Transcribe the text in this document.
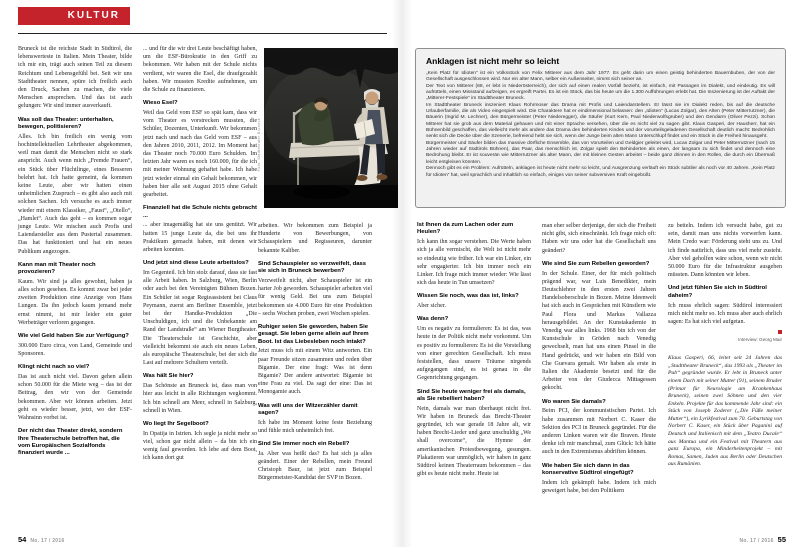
KULTUR
Bruneck ist die reichste Stadt in Südtirol, die lebenswerteste in Italien. Mein Theater, bilde ich mir ein, trägt auch seinen Teil zu diesem Reichtum und Lebensgefühl bei. Seit wir uns Stadttheater nennen, spüre ich freilich auch den Druck, Sachen zu machen, die viele Menschen ansprechen. Und das ist auch gelungen: Wir sind immer ausverkauft.
Was soll das Theater: unterhalten, bewegen, politisieren?
Alles. Ich bin freilich ein wenig vom hochintellektuellen Lehrtheater abgekommen, weil man damit die Menschen nicht so stark anspricht. Auch wenn mich „Fremde Frauen“, ein Stück über Flüchtlinge, eines Besseren belehrt hat. Ich hatte gemeint, da kommen keine Leute, aber wir hatten einen unheimlichen Zuspruch – es gibt also auch mit solchen Sachen. Ich versuche es auch immer wieder mit einem Klassiker, „Faust“, „Otello“, „Hamlet“. Auch das geht – es kommen sogar junge Leute. Wir mischen auch Profis und Laiendarsteller aus dem Pustertal zusammen. Das hat funktioniert und hat ein neues Publikum angezogen.
Kann man mit Theater noch provozieren?
Kaum. Wir sind ja alles gewohnt, haben ja alles schon gesehen. Es kommt zwar bei jeder zweiten Produktion eine Anzeige von Hans Lungen. Da ihn jedoch kaum jemand mehr ernst nimmt, ist mir leider ein guter Werbeträger verloren gegangen.
Wie viel Geld haben Sie zur Verfügung?
300.000 Euro circa, von Land, Gemeinde und Sponsoren.
Klingt nicht nach so viel?
Das ist auch nicht viel. Davon gehen allein schon 50.000 für die Miete weg – das ist der Beitrag, den wir von der Gemeinde bekommen. Aber wir können arbeiten. Jetzt geht es wieder besser, jetzt, wo der ESF-Wahnsinn vorbei ist.
Der nicht das Theater direkt, sondern Ihre Theaterschule betroffen hat, die vom Europäischen Sozialfonds finanziert wurde ...
... und für die wir drei Leute beschäftigt haben, um die ESF-Bürokratie in den Griff zu bekommen. Wir haben mit der Schule nichts verdient, wir waren die Esel, die draufgezahlt haben. Wir mussten Kredite aufnehmen, um die Schule zu finanzieren.
Wieso Esel?
Weil das Geld vom ESF so spät kam, dass wir vom Theater es vorstrecken mussten, die Schüler, Dozenten, Unterkunft. Wir bekommen jetzt nach und nach das Geld vom ESF – aus den Jahren 2010, 2011, 2012. Im Moment hat das Theater noch 70.000 Euro Schulden. Im letzten Jahr waren es noch 160.000, für die ich mit meiner Wohnung gehaftet habe. Ich habe jetzt wieder einmal ein Gehalt bekommen, wir haben hier alle seit August 2015 ohne Gehalt gearbeitet.
Finanziell hat die Schule nichts gebracht ...
... aber imagemäßig hat sie uns genützt. Wir hatten 15 junge Leute da, die bei uns ihr Praktikum gemacht haben, mit denen wir arbeiten konnten.
Und jetzt sind diese Leute arbeitslos?
Im Gegenteil. Ich bin stolz darauf, dass sie fast alle Arbeit haben. In Salzburg, Wien, Berlin oder auch bei den Vereinigten Bühnen Bozen. Ein Schüler ist sogar Regieassistent bei Claus Peymann, zuerst am Berliner Ensemble, jetzt bei der Handke-Produktion „Die Unschuldigen, ich und die Unbekannte am Rand der Landstraße“ am Wiener Burgtheater. Die Theaterschule ist Geschichte, aber vielleicht bekommt sie auch ein neues Leben, als europäische Theaterschule, bei der sich die Last auf mehrere Schultern verteilt.
Was hält Sie hier?
Das Schönste an Bruneck ist, dass man von hier aus leicht in alle Richtungen wegkommt. Ich bin schnell am Meer, schnell in Salzburg, schnell in Wien.
Wo liegt Ihr Segelboot?
In Opatija in Istrien. Ich segle ja nicht mehr so viel, schon gar nicht allein – da bin ich ein wenig faul geworden. Ich lebe auf dem Boot, ich kann dort gut
arbeiten. Wir bekommen zum Beispiel ja Hunderte von Bewerbungen, von Schauspielern und Regisseuren, darunter bekannte Kaliber.
Sind Schauspieler so verzweifelt, dass sie sich in Bruneck bewerben?
Verzweifelt nicht, aber Schauspieler ist ein harter Job geworden. Schauspieler arbeiten viel für wenig Geld. Bei uns zum Beispiel bekommen sie 4.000 Euro für eine Produktion – sechs Wochen proben, zwei Wochen spielen.
Ruhiger seien Sie geworden, haben Sie gesagt. Sie leben gerne allein auf Ihrem Boot. Ist das Liebesleben noch intakt?
Jetzt muss ich mit einem Witz antworten. Ein paar Freunde sitzen zusammen und reden über Bigamie. Der eine fragt: Was ist denn Bigamie? Der andere antwortet: Bigamie ist eine Frau zu viel. Da sagt der eine: Das ist Monogamie auch.
Was will uns der Witzerzähler damit sagen?
Ich habe im Moment keine feste Beziehung und fühle mich unheimlich frei.
Sind Sie immer noch ein Rebell?
Ja. Aber was heißt das? Es hat sich ja alles geändert. Einer der Rebellen, mein Freund Christoph Baur, ist jetzt zum Beispiel Bürgermeister-Kandidat der SVP in Bozen.
Foto: Stadttheater Bruneck
Anklagen ist nicht mehr so leicht
„Kein Platz für Idioten“ ist ein Volksstück von Felix Mitterer aus dem Jahr 1977. Es geht darin um einen geistig behinderten Bauernbuben, der von der Gesellschaft ausgeschlossen wird. Nur ein alter Mann, selber ein Außenseiter, nimmt sich seiner an.
Der Text von Mitterer (68, er lebt in Niederösterreich), der sich auf einen realen Vorfall bezieht, ist einfach, mit Passagen im Dialekt, und eindeutig. Es will aufrütteln, einen Missstand aufzeigen, es ergreift Partei. Es ist ein Stück, das bis heute um die 1.300 Aufführungen erlebt hat. Die Inszenierung ist der Auftakt der „Mitterer-Festspiele“ im Stadttheater Bruneck.
Im Stadttheater Bruneck inszeniert Klaus Rohrmoser das Drama mit Profis und Laiendarstellern. Er lässt sie im Dialekt reden, bis auf die deutsche Urlauberfamilie, die als Video eingespielt wird. Die Charaktere hat er eindimensional belassen: den „Idioten“ (Lucas Zolgar), den Alten (Peter Mitterrutzner), die Bäuerin (Ingrid M. Lechner), den Bürgermeister (Peter Niederegger), die Säufer (Kurt Kern, Paul Niederwolfsgruber) und den Gendarm (Oliver Pezzi). Schon Mitterer hat sie grob aus dem Material gehauen und mit einer Sprache versehen, über die es nicht viel zu sagen gibt. Klaus Gasperi, der Hausherr, hat ein Bühnenbild geschaffen, das vielleicht mehr als andere das Drama des behinderten Kindes und der vorurteilsgeladenen Gesellschaft deutlich macht: Bedrohlich senkt sich die Decke über die Szenerie, befreiend hebt sie sich, wenn der Junge beim alten Mann Unterschlupf findet und ein Stück in die Freiheit hinausgeht.
Bürgermeister und Säufer bilden das massive dörfliche Ensemble, das von Vorurteilen und Geldgier geleitet wird, Lucas Zolgar und Peter Mitterrutzner (nach 15 Jahren wieder auf Südtirols Bühnen), das Paar, das menschlich ist. Zolgar spielt den Behinderten als einen, der langsam zu sich findet und dennoch eine Bedrohung bleibt. Er ist souverän wie Mitterrutzner als alter Mann, der mit kleinen Gesten arbeitet – beide ganz drinnen in den Rollen, die durch ein Übermaß leicht entgleisen könnten.
Dennoch gibt es ein Problem: Aufrütteln, anklagen ist heute nicht mehr so leicht, und Ausgrenzung verläuft ein Stück subtiler als noch vor 40 Jahren. „Kein Platz für Idioten“ hat, weil sprachlich und inhaltlich so einfach, einiges von seiner subversiven Kraft eingebüßt.
Ist Ihnen da zum Lachen oder zum Heulen?
Ich kann ihn sogar verstehen. Die Werte haben sich ja alle vermischt, die Welt ist nicht mehr so eindeutig wie früher. Ich war ein Linker, ein sehr engagierter. Ich bin immer noch ein Linker. Ich frage mich immer wieder: Wie lässt sich das heute in Tun umsetzen?
Wissen Sie noch, was das ist, links?
Aber sicher.
Was denn?
Um es negativ zu formulieren: Es ist das, was heute in der Politik nicht mehr vorkommt. Um es positiv zu formulieren: Es ist die Vorstellung von einer gerechten Gesellschaft. Ich muss feststellen, dass unsere Träume nirgends aufgegangen sind, es ist genau in die Gegenrichtung gegangen.
Sind Sie heute weniger frei als damals, als Sie rebelliert haben?
Nein, damals war man überhaupt nicht frei. Wir haben in Bruneck das Brecht-Theater gegründet, ich war gerade 18 Jahre alt, wir haben Brecht-Lieder und ganz unschuldig „We shall overcome“, die Hymne der amerikanischen Protestbewegung, gesungen. Plakatieren war unmöglich, wir haben in ganz Südtirol keinen Theaterraum bekommen – das gibt es heute nicht mehr. Heute ist
man eher selber derjenige, der sich die Freiheit nicht gibt, sich einschränkt. Ich frage mich oft: Haben wir uns oder hat die Gesellschaft uns geändert?
Wie sind Sie zum Rebellen geworden?
In der Schule. Einer, der für mich politisch prägend war, war Luis Benedikter, mein Deutschlehrer in den ersten zwei Jahren Handelsoberschule in Bozen. Meine Ideenwelt hat sich auch in Gesprächen mit Künstlern wie Paul Flora und Markus Vallazza herausgebildet. An der Kunstakademie in Venedig war alles links. 1968 bin ich von der Kunstschule in Gröden nach Venedig gewechselt, man hat uns einen Pinsel in die Hand gedrückt, und wir haben ein Bild von Che Guevara gemalt. Wir haben als erste in Italien die Akademie besetzt und für die Arbeiter von der Giudecca Mittagessen gekocht.
Wo waren Sie damals?
Beim PCI, der kommunistischen Partei. Ich habe zusammen mit Norbert C. Kaser die Sektion des PCI in Bruneck gegründet. Für die anderen Linken waren wir die Braven. Heute denke ich mir manchmal, zum Glück: Ich hätte auch in den Extremismus abdriften können.
Wie haben Sie sich dann in das konservative Südtirol eingefügt?
Indem ich gekämpft habe. Indem ich mich geweigert habe, bei den Politikern
zu betteln. Indem ich versucht habe, gut zu sein, damit man uns nichts vorwerfen kann. Mein Credo war: Förderung steht uns zu. Und ich finde natürlich, dass uns viel mehr zusteht. Aber viel geholfen wäre schon, wenn wir nicht 50.000 Euro für die Infrastruktur ausgeben müssten. Dann könnten wir leben.
Und jetzt fühlen Sie sich in Südtirol daheim?
Ich muss ehrlich sagen: Südtirol interessiert mich nicht mehr so. Ich muss aber auch ehrlich sagen: Es hat sich viel aufgetan.
Interview: Georg Mair
Klaus Gasperi, 66, leitet seit 24 Jahren das „Stadttheater Bruneck“, das 1993 als „Theater im Pub“ gegründet wurde. Er lebt in Bruneck unter einem Dach mit seiner Mutter (91), seinem Bruder (Primar für Neurologie am Krankenhaus Bruneck), seinen zwei Söhnen und den vier Enkeln. Projekte für das kommende Jahr sind: ein Stück von Joseph Zoderer („Die Füße meiner Mutter“), ein Lyrikfestival zum 70. Geburtstag von Norbert C. Kaser, ein Stück über Paganini auf Deutsch und Italienisch mit dem „Teatro Ducale“ aus Mantua und ein Festival mit Theatern aus ganz Europa, ein Minderheitenprojekt – mit Romas, Samen, Juden aus Berlin oder Deutschen aus Rumänien.
54 No. 17 / 2016	No. 17 / 2016 55
